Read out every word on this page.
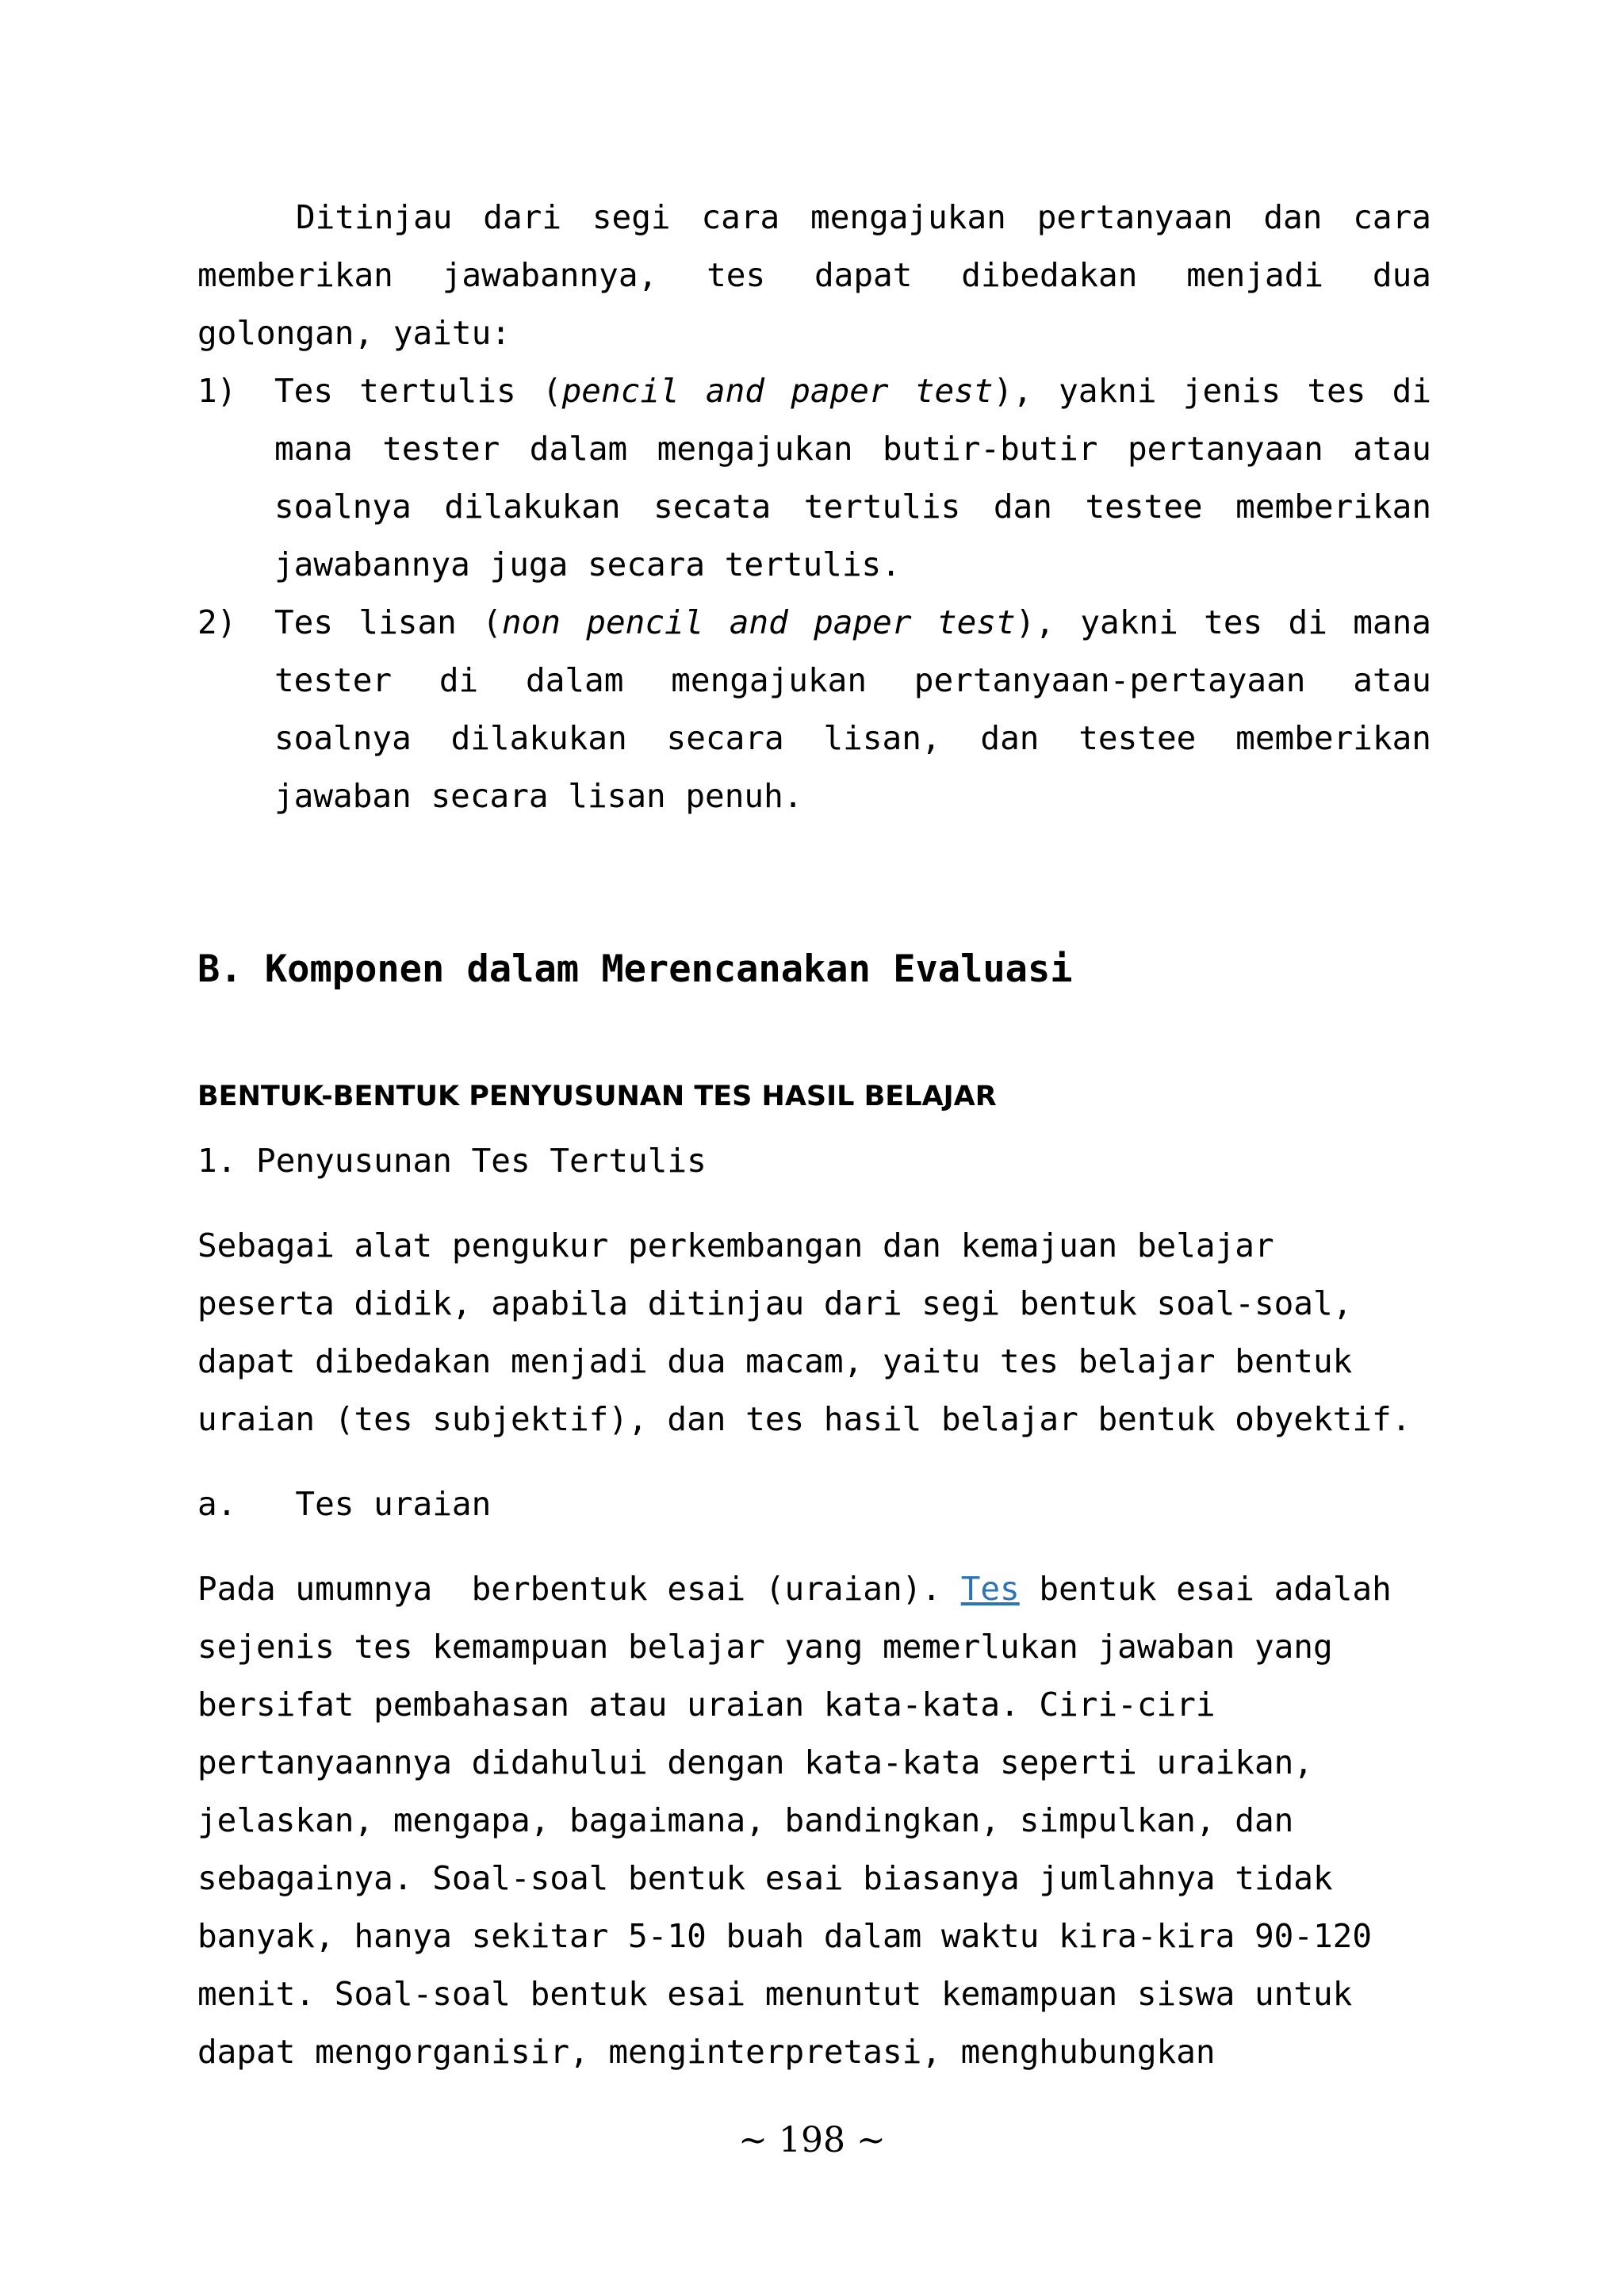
Ditinjau dari segi cara mengajukan pertanyaan dan cara

memberikan jawabannya, tes dapat dibedakan menjadi dua

golongan, yaitu:

1) Tes tertulis (pencil and paper test), yakni jenis tes di

mana tester dalam mengajukan butir-butir pertanyaan atau

soalnya dilakukan secata tertulis dan testee memberikan

jawabannya juga secara tertulis.

2) Tes lisan (non pencil and paper test), yakni tes di mana

tester di dalam mengajukan pertanyaan-pertayaan atau

soalnya dilakukan secara lisan, dan testee memberikan

jawaban secara lisan penuh.

B. Komponen dalam Merencanakan Evaluasi

BENTUK-BENTUK PENYUSUNAN TES HASIL BELAJAR

1. Penyusunan Tes Tertulis

Sebagai alat pengukur perkembangan dan kemajuan belajar

peserta didik, apabila ditinjau dari segi bentuk soal-soal,

dapat dibedakan menjadi dua macam, yaitu tes belajar bentuk

uraian (tes subjektif), dan tes hasil belajar bentuk obyektif.

a.   Tes uraian

Pada umumnya  berbentuk esai (uraian). Tes bentuk esai adalah

sejenis tes kemampuan belajar yang memerlukan jawaban yang

bersifat pembahasan atau uraian kata-kata. Ciri-ciri

pertanyaannya didahului dengan kata-kata seperti uraikan,

jelaskan, mengapa, bagaimana, bandingkan, simpulkan, dan

sebagainya. Soal-soal bentuk esai biasanya jumlahnya tidak

banyak, hanya sekitar 5-10 buah dalam waktu kira-kira 90-120

menit. Soal-soal bentuk esai menuntut kemampuan siswa untuk

dapat mengorganisir, menginterpretasi, menghubungkan

~ 198 ~
